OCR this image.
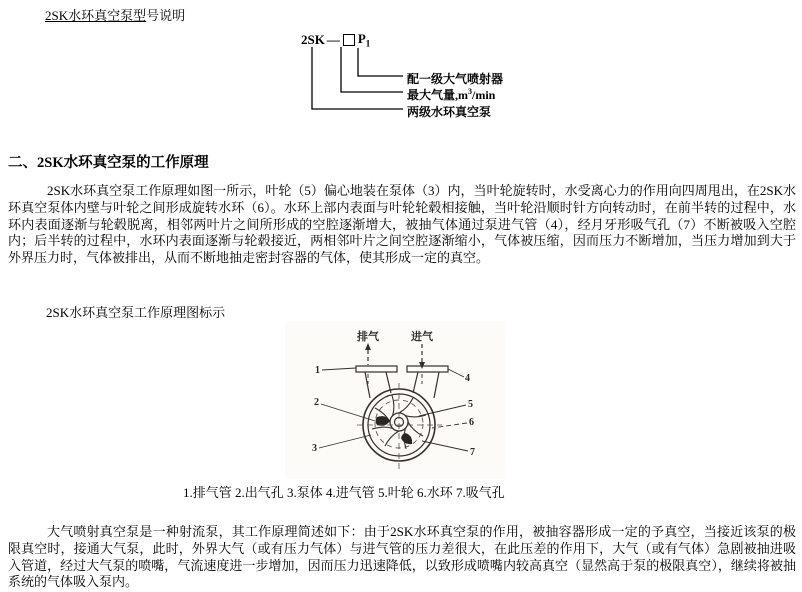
2SK水环真空泵型号说明
2SK — $P_1$
配一级大气喷射器
最大气量$,m^3/\min$
两级水环真空泵
二、2SK水环真空泵的工作原理
2SK水环真空泵工作原理如图一所示，叶轮（5）偏心地装在泵体（3）内，当叶轮旋转时，水受离心力的作用向四周甩出，在2SK水环真空泵体内壁与叶轮之间形成旋转水环（6）。水环上部内表面与叶轮轮毂相接触，当叶轮沿顺时针方向转动时，在前半转的过程中，水环内表面逐渐与轮毂脱离，相邻两叶片之间所形成的空腔逐渐增大，被抽气体通过泵进气管（4），经月牙形吸气孔（7）不断被吸入空腔内；后半转的过程中，水环内表面逐渐与轮毂接近，两相邻叶片之间空腔逐渐缩小，气体被压缩，因而压力不断增加，当压力增加到大于外界压力时，气体被排出，从而不断地抽走密封容器的气体，使其形成一定的真空。
2SK水环真空泵工作原理图标示
排气	进气
1
2
3
4
5
6
7
1.排气管 2.出气孔 3.泵体 4.进气管 5.叶轮 6.水环 7.吸气孔
大气喷射真空泵是一种射流泵，其工作原理简述如下：由于2SK水环真空泵的作用，被抽容器形成一定的予真空，当接近该泵的极限真空时，接通大气泵，此时，外界大气（或有压力气体）与进气管的压力差很大，在此压差的作用下，大气（或有气体）急剧被抽进吸入管道，经过大气泵的喷嘴，气流速度进一步增加，因而压力迅速降低，以致形成喷嘴内较高真空（显然高于泵的极限真空），继续将被抽系统的气体吸入泵内。
